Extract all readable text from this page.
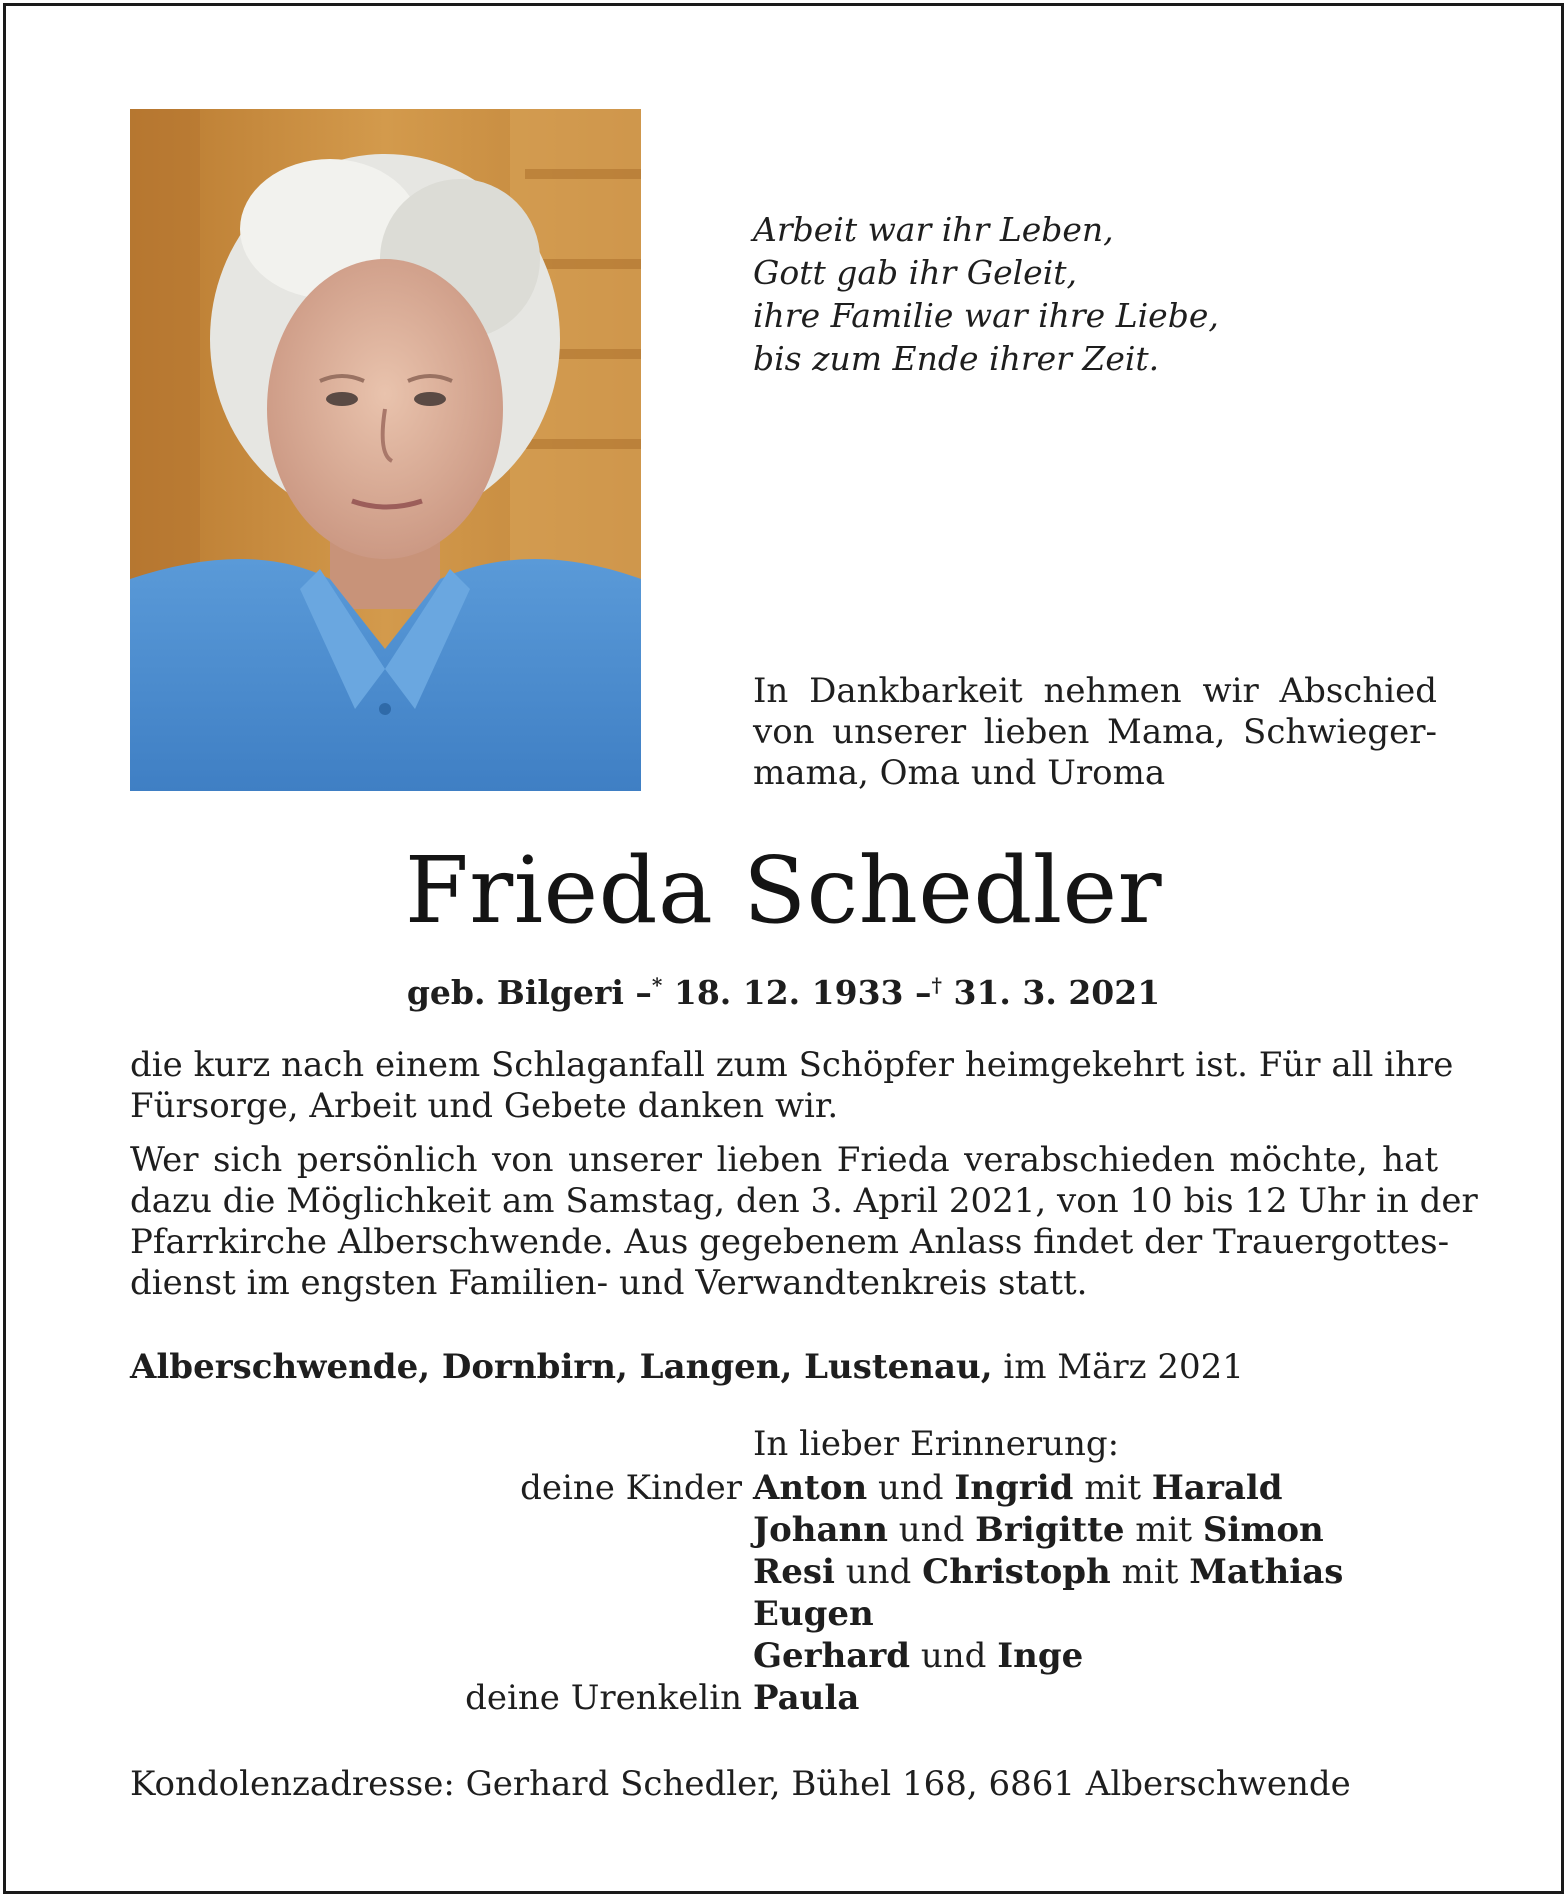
Arbeit war ihr Leben,
Gott gab ihr Geleit,
ihre Familie war ihre Liebe,
bis zum Ende ihrer Zeit.
In Dankbarkeit nehmen wir Abschied
von unserer lieben Mama, Schwieger-
mama, Oma und Uroma
Frieda Schedler
geb. Bilgeri –* 18. 12. 1933 –† 31. 3. 2021
die kurz nach einem Schlaganfall zum Schöpfer heimgekehrt ist. Für all ihre
Fürsorge, Arbeit und Gebete danken wir.
Wer sich persönlich von unserer lieben Frieda verabschieden möchte, hat
dazu die Möglichkeit am Samstag, den 3. April 2021, von 10 bis 12 Uhr in der
Pfarrkirche Alberschwende. Aus gegebenem Anlass findet der Trauergottes-
dienst im engsten Familien- und Verwandtenkreis statt.
Alberschwende, Dornbirn, Langen, Lustenau, im März 2021
In lieber Erinnerung:
deine Kinder Anton und Ingrid mit Harald
Johann und Brigitte mit Simon
Resi und Christoph mit Mathias
Eugen
Gerhard und Inge
deine Urenkelin Paula
Kondolenzadresse: Gerhard Schedler, Bühel 168, 6861 Alberschwende
